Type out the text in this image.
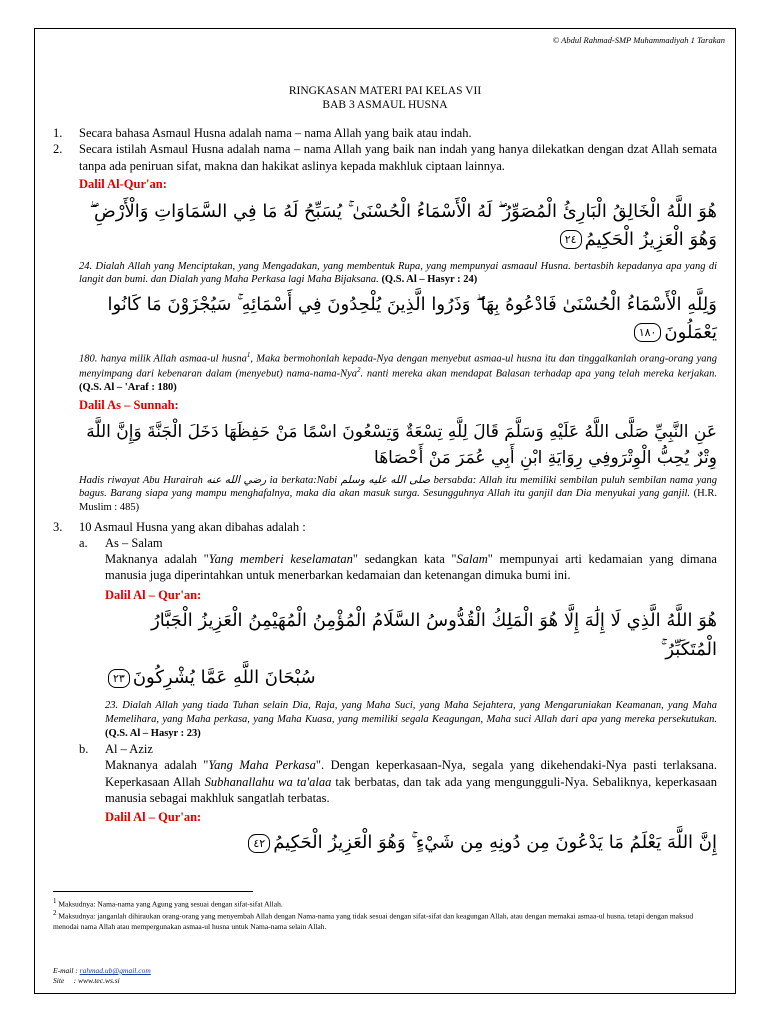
© Abdul Rahmad-SMP Muhammadiyah 1 Tarakan
RINGKASAN MATERI PAI KELAS VII
BAB 3 ASMAUL HUSNA
1.	Secara bahasa Asmaul Husna adalah nama – nama Allah yang baik atau indah.
2.	Secara istilah Asmaul Husna adalah nama – nama Allah yang baik nan indah yang hanya dilekatkan dengan dzat Allah semata tanpa ada peniruan sifat, makna dan hakikat aslinya kepada makhluk ciptaan lainnya.
Dalil Al-Qur'an:
هُوَ اللَّهُ الْخَالِقُ الْبَارِئُ الْمُصَوِّرُ ۖ لَهُ الْأَسْمَاءُ الْحُسْنَىٰ ۚ يُسَبِّحُ لَهُ مَا فِي السَّمَاوَاتِ وَالْأَرْضِ ۖ وَهُوَ الْعَزِيزُ الْحَكِيمُ٢٤
24. Dialah Allah yang Menciptakan, yang Mengadakan, yang membentuk Rupa, yang mempunyai asmaaul Husna. bertasbih kepadanya apa yang di langit dan bumi. dan Dialah yang Maha Perkasa lagi Maha Bijaksana. (Q.S. Al – Hasyr : 24)
وَلِلَّهِ الْأَسْمَاءُ الْحُسْنَىٰ فَادْعُوهُ بِهَا ۖ وَذَرُوا الَّذِينَ يُلْحِدُونَ فِي أَسْمَائِهِ ۚ سَيُجْزَوْنَ مَا كَانُوا يَعْمَلُونَ١٨٠
180. hanya milik Allah asmaa-ul husna$^1$, Maka bermohonlah kepada-Nya dengan menyebut asmaa-ul husna itu dan tinggalkanlah orang-orang yang menyimpang dari kebenaran dalam (menyebut) nama-nama-Nya$^2$. nanti mereka akan mendapat Balasan terhadap apa yang telah mereka kerjakan. (Q.S. Al – 'Araf : 180)
Dalil As – Sunnah:
عَنِ النَّبِيِّ صَلَّى اللَّهُ عَلَيْهِ وَسَلَّمَ قَالَ لِلَّهِ تِسْعَةٌ وَتِسْعُونَ اسْمًا مَنْ حَفِظَهَا دَخَلَ الْجَنَّةَ وَإِنَّ اللَّهَ وِتْرٌ يُحِبُّ الْوِتْرَوفِي رِوَايَةِ ابْنِ أَبِي عُمَرَ مَنْ أَحْصَاهَا
Hadis riwayat Abu Hurairah رضي الله عنه ia berkata:Nabi صلى الله عليه وسلم bersabda: Allah itu memiliki sembilan puluh sembilan nama yang bagus. Barang siapa yang mampu menghafalnya, maka dia akan masuk surga. Sesungguhnya Allah itu ganjil dan Dia menyukai yang ganjil. (H.R. Muslim : 485)
3.	10 Asmaul Husna yang akan dibahas adalah :
a.	As – Salam
Maknanya adalah "Yang memberi keselamatan" sedangkan kata "Salam" mempunyai arti kedamaian yang dimana manusia juga diperintahkan untuk menerbarkan kedamaian dan ketenangan dimuka bumi ini.
Dalil Al – Qur'an:
هُوَ اللَّهُ الَّذِي لَا إِلَٰهَ إِلَّا هُوَ الْمَلِكُ الْقُدُّوسُ السَّلَامُ الْمُؤْمِنُ الْمُهَيْمِنُ الْعَزِيزُ الْجَبَّارُ الْمُتَكَبِّرُ ۚ
سُبْحَانَ اللَّهِ عَمَّا يُشْرِكُونَ٢٣
23. Dialah Allah yang tiada Tuhan selain Dia, Raja, yang Maha Suci, yang Maha Sejahtera, yang Mengaruniakan Keamanan, yang Maha Memelihara, yang Maha perkasa, yang Maha Kuasa, yang memiliki segala Keagungan, Maha suci Allah dari apa yang mereka persekutukan. (Q.S. Al – Hasyr : 23)
b.	Al – Aziz
Maknanya adalah "Yang Maha Perkasa". Dengan keperkasaan-Nya, segala yang dikehendaki-Nya pasti terlaksana. Keperkasaan Allah Subhanallahu wa ta'alaa tak berbatas, dan tak ada yang mengungguli-Nya. Sebaliknya, keperkasaan manusia sebagai makhluk sangatlah terbatas.
Dalil Al – Qur'an:
إِنَّ اللَّهَ يَعْلَمُ مَا يَدْعُونَ مِن دُونِهِ مِن شَيْءٍ ۚ وَهُوَ الْعَزِيزُ الْحَكِيمُ٤٢
$^1$ Maksudnya: Nama-nama yang Agung yang sesuai dengan sifat-sifat Allah.
$^2$ Maksudnya: janganlah dihiraukan orang-orang yang menyembah Allah dengan Nama-nama yang tidak sesuai dengan sifat-sifat dan keagungan Allah, atau dengan memakai asmaa-ul husna, tetapi dengan maksud menodai nama Allah atau mempergunakan asmaa-ul husna untuk Nama-nama selain Allah.
E-mail : rahmad.ub@gmail.com
Site     : www.tec.ws.si
